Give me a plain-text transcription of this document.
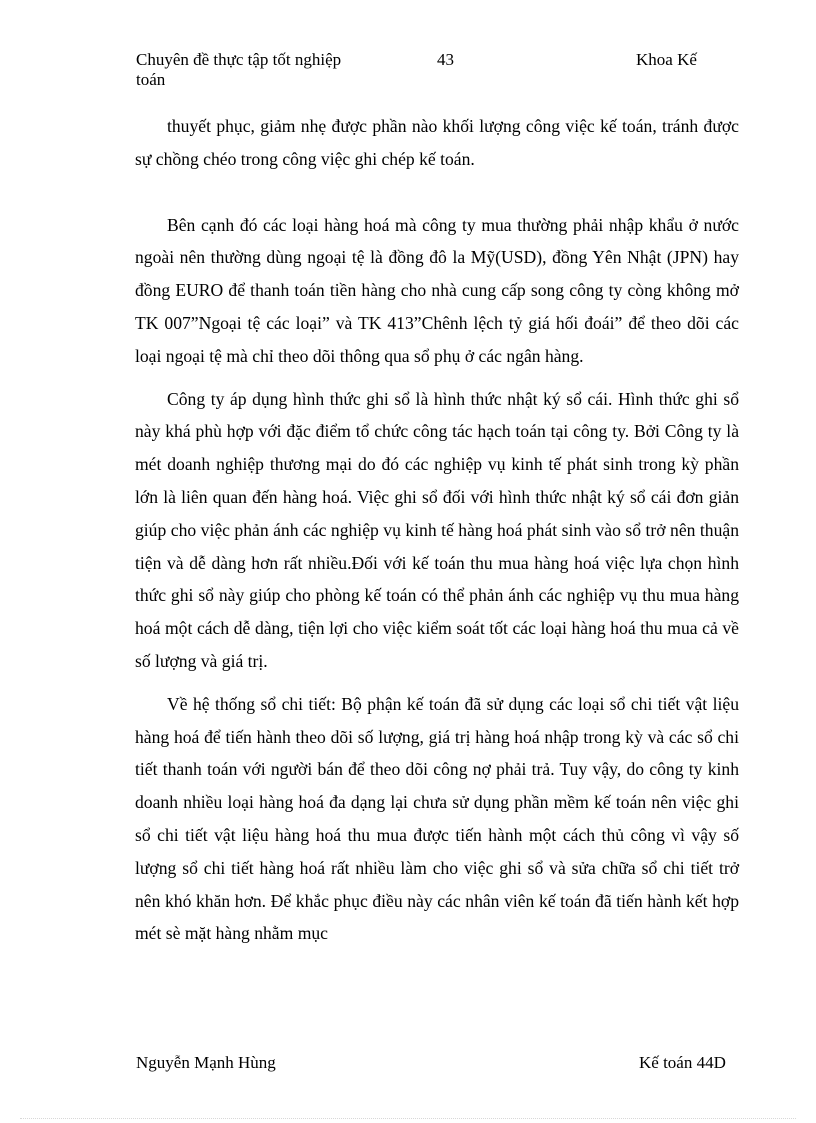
Chuyên đề thực tập tốt nghiệp
toán
43	Khoa Kế

thuyết phục, giảm nhẹ được phần nào khối lượng công việc kế toán, tránh được sự chồng chéo trong công việc ghi chép kế toán.

Bên cạnh đó các loại hàng hoá mà công ty mua thường phải nhập khẩu ở nước ngoài nên thường dùng ngoại tệ là đồng đô la Mỹ(USD), đồng Yên Nhật (JPN) hay đồng EURO để thanh toán tiền hàng cho nhà cung cấp song công ty còng không mở TK 007”Ngoại tệ các loại” và TK 413”Chênh lệch tỷ giá hối đoái” để theo dõi các loại ngoại tệ mà chỉ theo dõi thông qua sổ phụ ở các ngân hàng.

Công ty áp dụng hình thức ghi sổ là hình thức nhật ký sổ cái. Hình thức ghi sổ này khá phù hợp với đặc điểm tổ chức công tác hạch toán tại công ty. Bởi Công ty là mét doanh nghiệp thương mại do đó các nghiệp vụ kinh tế phát sinh trong kỳ phần lớn là liên quan đến hàng hoá. Việc ghi sổ đối với hình thức nhật ký sổ cái đơn giản giúp cho việc phản ánh các nghiệp vụ kinh tế hàng hoá phát sinh vào sổ trở nên thuận tiện và dễ dàng hơn rất nhiều.Đối với kế toán thu mua hàng hoá việc lựa chọn hình thức ghi sổ này giúp cho phòng kế toán có thể phản ánh các nghiệp vụ thu mua hàng hoá một cách dễ dàng, tiện lợi cho việc kiểm soát tốt các loại hàng hoá thu mua cả về số lượng và giá trị.

Về hệ thống sổ chi tiết: Bộ phận kế toán đã sử dụng các loại sổ chi tiết vật liệu hàng hoá để tiến hành theo dõi số lượng, giá trị hàng hoá nhập trong kỳ và các sổ chi tiết thanh toán với người bán để theo dõi công nợ phải trả. Tuy vậy, do công ty kinh doanh nhiều loại hàng hoá đa dạng lại chưa sử dụng phần mềm kế toán nên việc ghi sổ chi tiết vật liệu hàng hoá thu mua được tiến hành một cách thủ công vì vậy số lượng sổ chi tiết hàng hoá rất nhiều làm cho việc ghi sổ và sửa chữa sổ chi tiết trở nên khó khăn hơn. Để khắc phục điều này các nhân viên kế toán đã tiến hành kết hợp mét sè mặt hàng nhằm mục

Nguyễn Mạnh Hùng	Kế toán 44D
